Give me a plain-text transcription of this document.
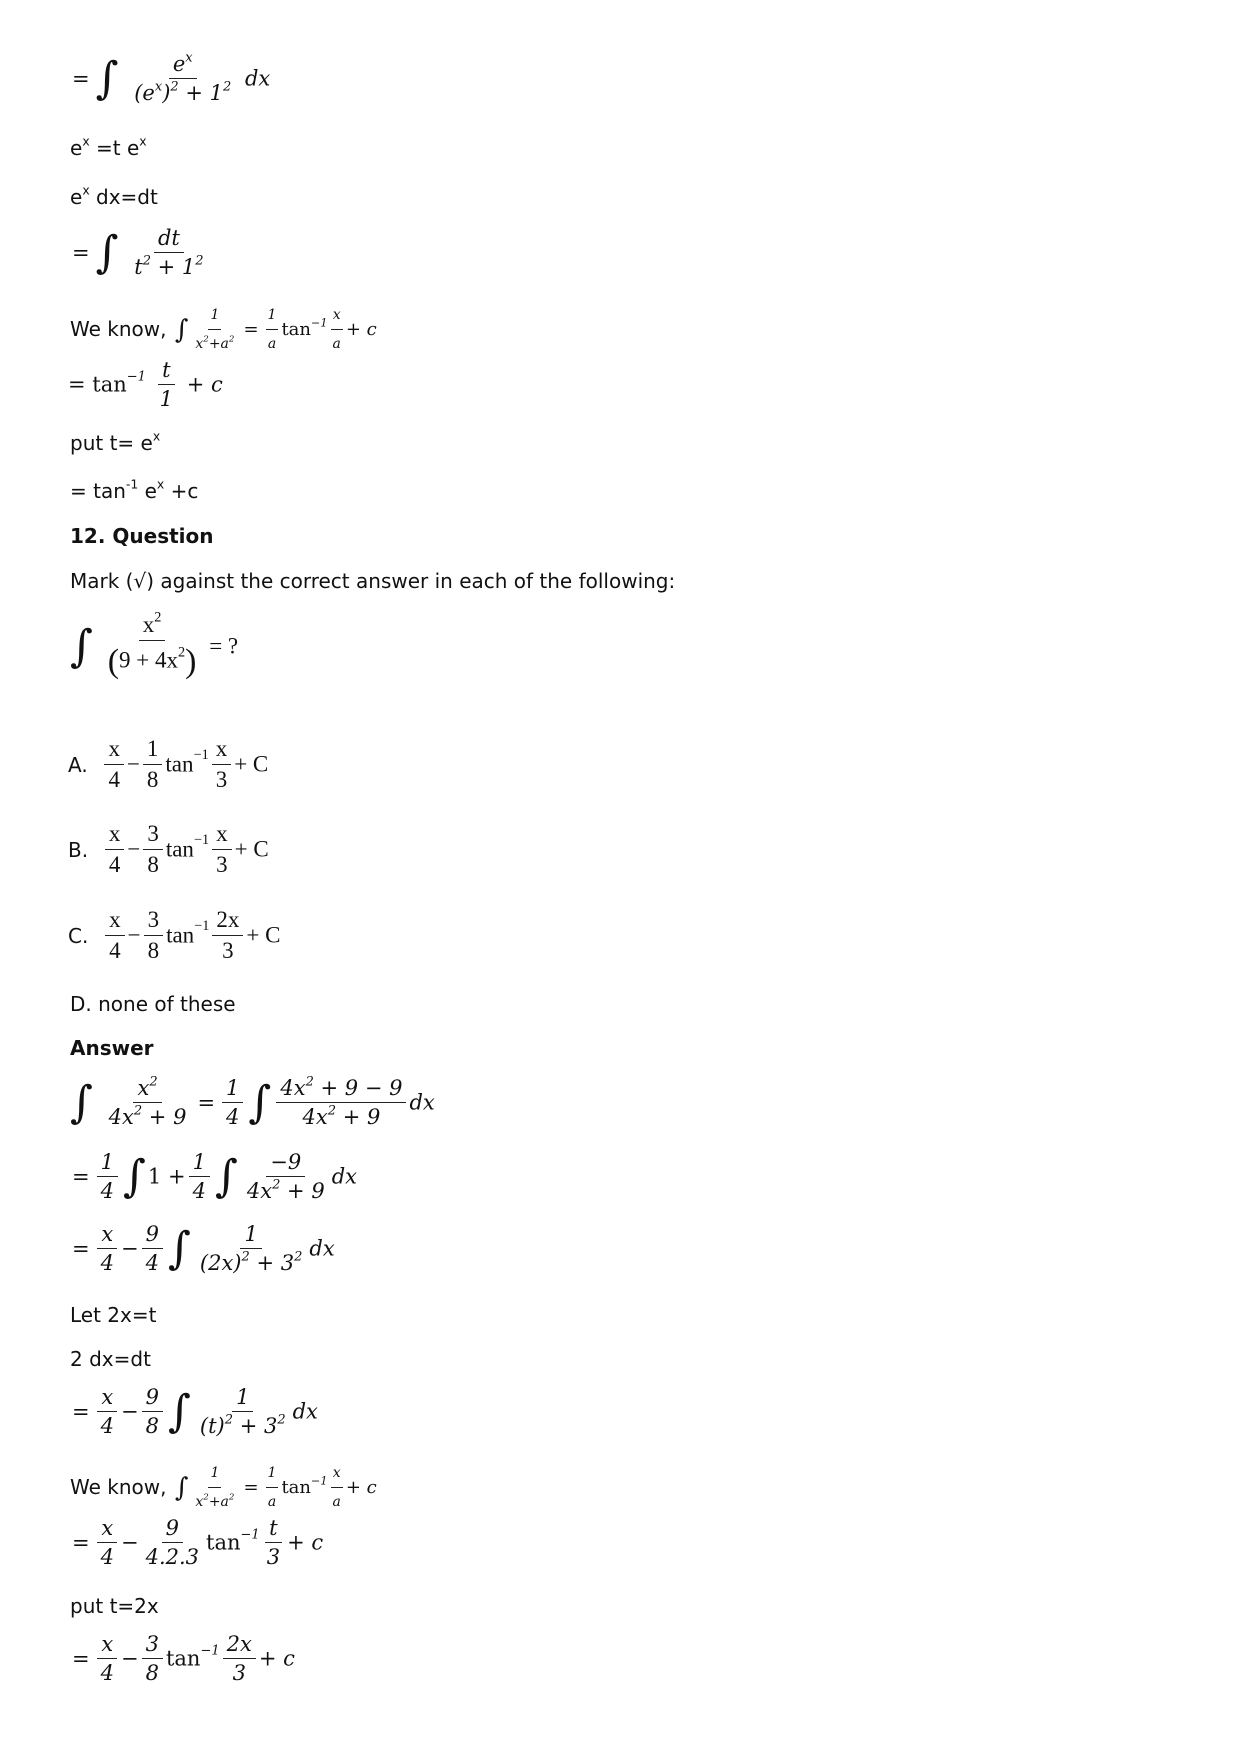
= ∫ $\frac{e^x}{(e^x)^2 + 1^2}$ dx
$e^x =t$ $e^x$
$e^x$ dx=dt
= ∫ $\frac{dt}{t^2 + 1^2}$
We know, ∫ $\frac{1}{x^2+a^2} = \frac{1}{a} \tan^{-1} \frac{x}{a} + c$
= $\tan^{-1} \frac{t}{1} + c$
put $t= e^x$
= $\tan^{-1} e^x +c$
12. Question
Mark (√) against the correct answer in each of the following:
∫ $\frac{x^2}{(9 + 4x^2)}$ = ?
A. $\frac{x}{4} - \frac{1}{8} \tan^{-1} \frac{x}{3} + C$
B. $\frac{x}{4} - \frac{3}{8} \tan^{-1} \frac{x}{3} + C$
C. $\frac{x}{4} - \frac{3}{8} \tan^{-1} \frac{2x}{3} + C$
D. none of these
Answer
∫ $\frac{x^2}{4x^2 + 9} = \frac{1}{4}$ ∫ $\frac{4x^2 + 9 - 9}{4x^2 + 9}$ dx
= $\frac{1}{4} \int 1 + \frac{1}{4}$ ∫ $\frac{-9}{4x^2 + 9}$ dx
= $\frac{x}{4} - \frac{9}{4}$ ∫ $\frac{1}{(2x)^2 + 3^2}$ dx
Let 2x=t
2 dx=dt
= $\frac{x}{4} - \frac{9}{8}$ ∫ $\frac{1}{(t)^2 + 3^2}$ dx
We know, ∫ $\frac{1}{x^2+a^2} = \frac{1}{a} \tan^{-1} \frac{x}{a} + c$
= $\frac{x}{4} - \frac{9}{4.2.3} \tan^{-1} \frac{t}{3} + c$
put t=2x
= $\frac{x}{4} - \frac{3}{8} \tan^{-1} \frac{2x}{3} + c$
